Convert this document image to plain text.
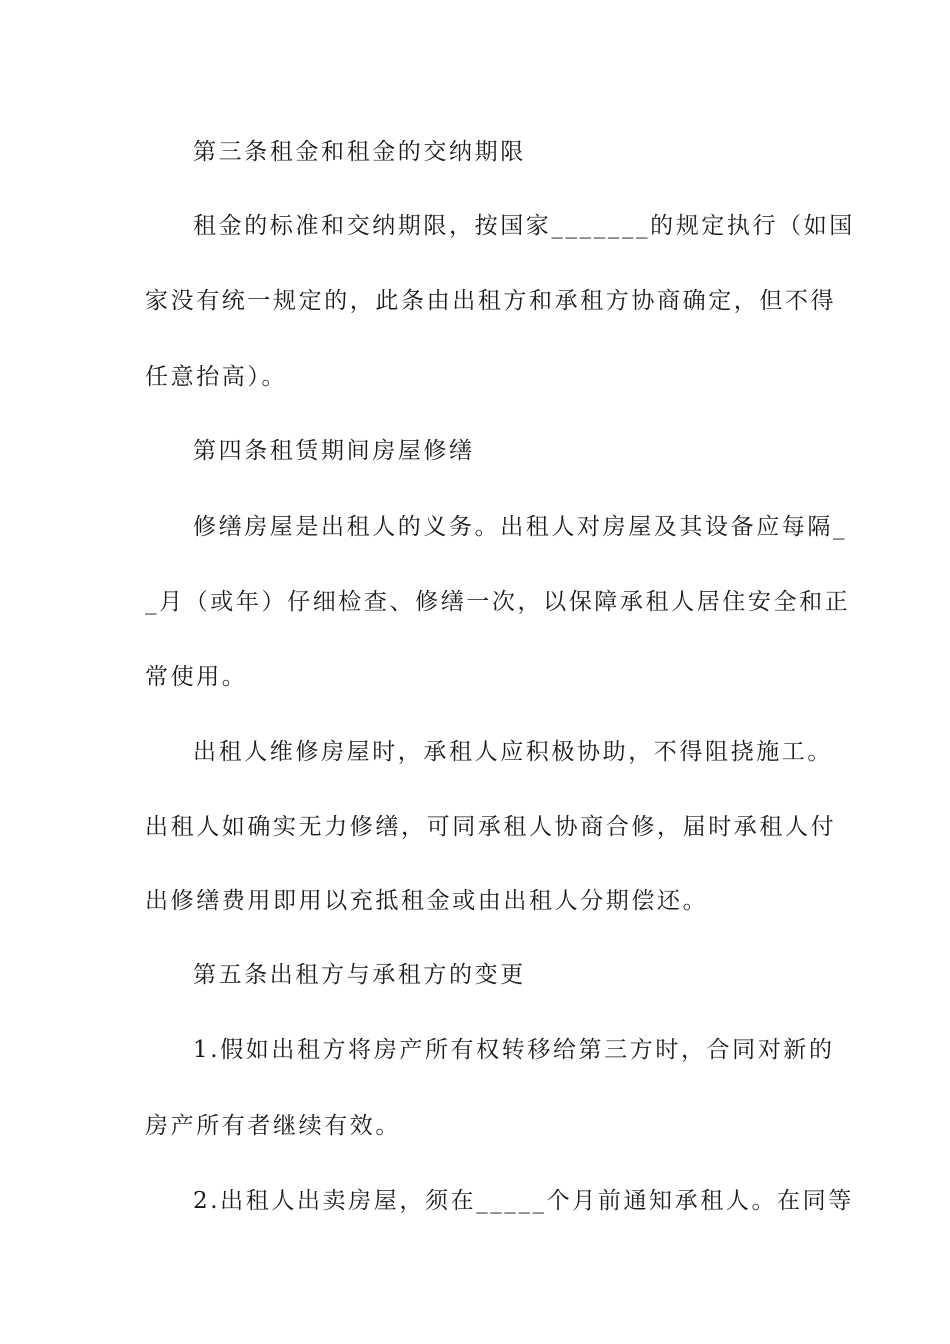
第三条租金和租金的交纳期限
租金的标准和交纳期限，按国家_______的规定执行（如国
家没有统一规定的，此条由出租方和承租方协商确定，但不得
任意抬高）。
第四条租赁期间房屋修缮
修缮房屋是出租人的义务。出租人对房屋及其设备应每隔_
_月（或年）仔细检查、修缮一次，以保障承租人居住安全和正
常使用。
出租人维修房屋时，承租人应积极协助，不得阻挠施工。
出租人如确实无力修缮，可同承租人协商合修，届时承租人付
出修缮费用即用以充抵租金或由出租人分期偿还。
第五条出租方与承租方的变更
1.假如出租方将房产所有权转移给第三方时，合同对新的
房产所有者继续有效。
2.出租人出卖房屋，须在_____个月前通知承租人。在同等
